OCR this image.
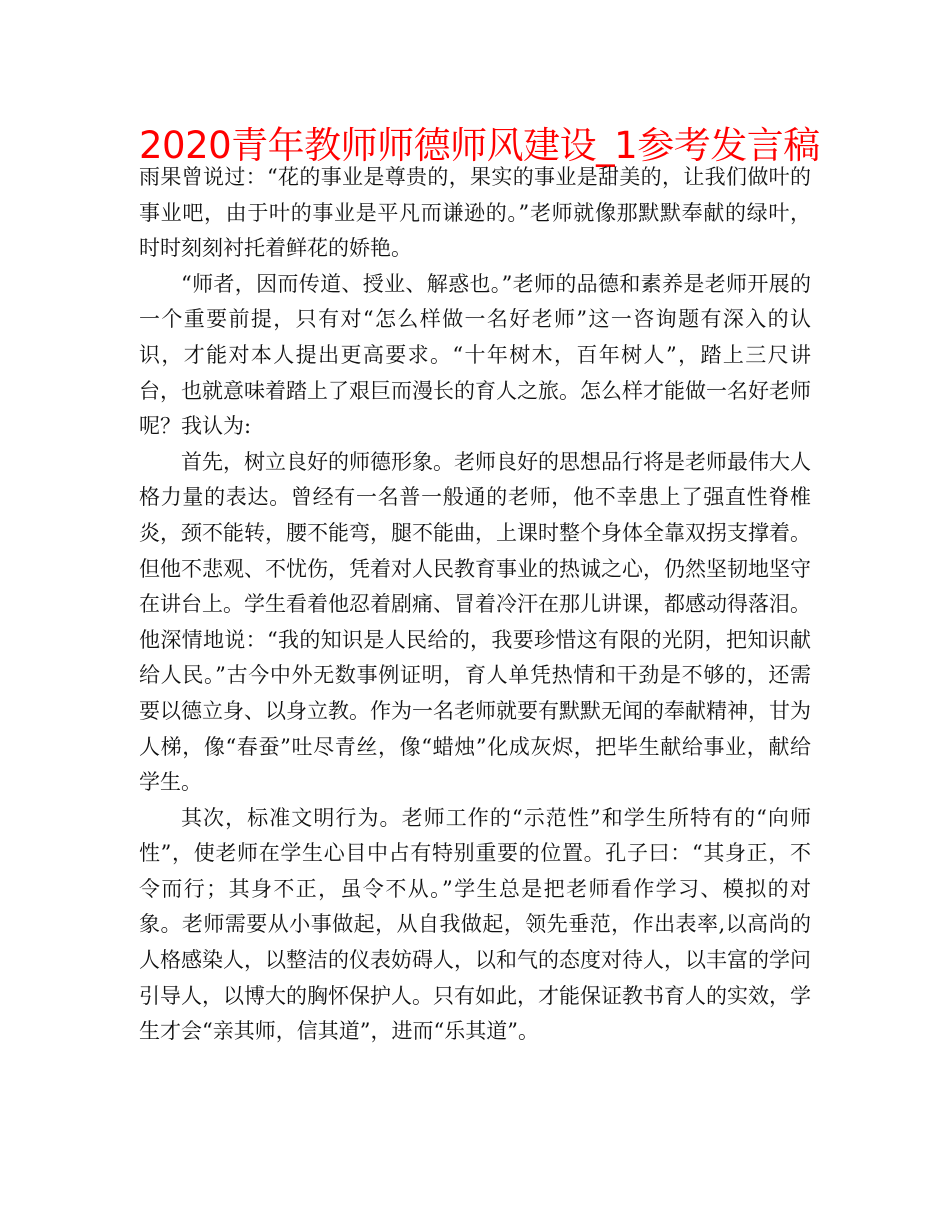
2020青年教师师德师风建设_1参考发言稿

雨果曾说过：“花的事业是尊贵的，果实的事业是甜美的，让我们做叶的事业吧，由于叶的事业是平凡而谦逊的。”老师就像那默默奉献的绿叶，时时刻刻衬托着鲜花的娇艳。

“师者，因而传道、授业、解惑也。”老师的品德和素养是老师开展的一个重要前提，只有对“怎么样做一名好老师”这一咨询题有深入的认识，才能对本人提出更高要求。“十年树木，百年树人”，踏上三尺讲台，也就意味着踏上了艰巨而漫长的育人之旅。怎么样才能做一名好老师呢？我认为:

首先，树立良好的师德形象。老师良好的思想品行将是老师最伟大人格力量的表达。曾经有一名普一般通的老师，他不幸患上了强直性脊椎炎，颈不能转，腰不能弯，腿不能曲，上课时整个身体全靠双拐支撑着。但他不悲观、不忧伤，凭着对人民教育事业的热诚之心，仍然坚韧地坚守在讲台上。学生看着他忍着剧痛、冒着冷汗在那儿讲课，都感动得落泪。他深情地说：“我的知识是人民给的，我要珍惜这有限的光阴，把知识献给人民。”古今中外无数事例证明，育人单凭热情和干劲是不够的，还需要以德立身、以身立教。作为一名老师就要有默默无闻的奉献精神，甘为人梯，像“春蚕”吐尽青丝，像“蜡烛”化成灰烬，把毕生献给事业，献给学生。

其次，标准文明行为。老师工作的“示范性”和学生所特有的“向师性”，使老师在学生心目中占有特别重要的位置。孔子曰：“其身正，不令而行；其身不正，虽令不从。”学生总是把老师看作学习、模拟的对象。老师需要从小事做起，从自我做起，领先垂范，作出表率,以高尚的人格感染人，以整洁的仪表妨碍人，以和气的态度对待人，以丰富的学问引导人，以博大的胸怀保护人。只有如此，才能保证教书育人的实效，学生才会“亲其师，信其道”，进而“乐其道”。
